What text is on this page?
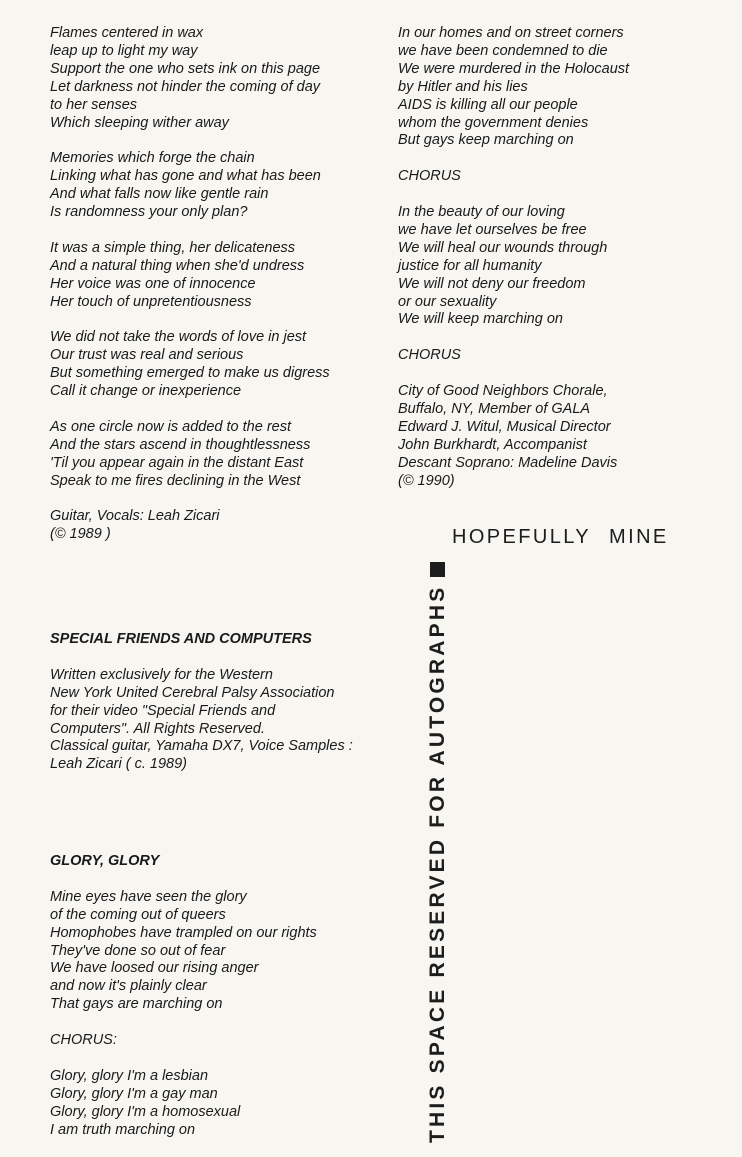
Flames centered in wax
leap up to light my way
Support the one who sets ink on this page
Let darkness not hinder the coming of day
to her senses
Which sleeping wither away
Memories which forge the chain
Linking what has gone and what has been
And what falls now like gentle rain
Is randomness your only plan?
It was a simple thing, her delicateness
And a natural thing when she'd undress
Her voice was one of innocence
Her touch of unpretentiousness
We did not take the words of love in jest
Our trust was real and serious
But something emerged to make us digress
Call it change or inexperience
As one circle now is added to the rest
And the stars ascend in thoughtlessness
'Til you appear again in the distant East
Speak to me fires declining in the West
Guitar, Vocals: Leah Zicari
(© 1989 )
In our homes and on street corners
we have been condemned to die
We were murdered in the Holocaust
by Hitler and his lies
AIDS is killing all our people
whom the government denies
But gays keep marching on
CHORUS
In the beauty of our loving
we have let ourselves be free
We will heal our wounds through
justice for all humanity
We will not deny our freedom
or our sexuality
We will keep marching on
CHORUS
City of Good Neighbors Chorale,
Buffalo, NY, Member of GALA
Edward J. Witul, Musical Director
John Burkhardt, Accompanist
Descant Soprano: Madeline Davis
(© 1990)
SPECIAL FRIENDS AND COMPUTERS
Written exclusively for the Western
New York United Cerebral Palsy Association
for their video "Special Friends and
Computers". All Rights Reserved.
Classical guitar, Yamaha DX7, Voice Samples :
Leah Zicari ( c. 1989)
GLORY, GLORY
Mine eyes have seen the glory
of the coming out of queers
Homophobes have trampled on our rights
They've done so out of fear
We have loosed our rising anger
and now it's plainly clear
That gays are marching on
CHORUS:
Glory, glory I'm a lesbian
Glory, glory I'm a gay man
Glory, glory I'm a homosexual
I am truth marching on	THIS SPACE RESERVED FOR AUTOGRAPHS
HOPEFULLY MINE
